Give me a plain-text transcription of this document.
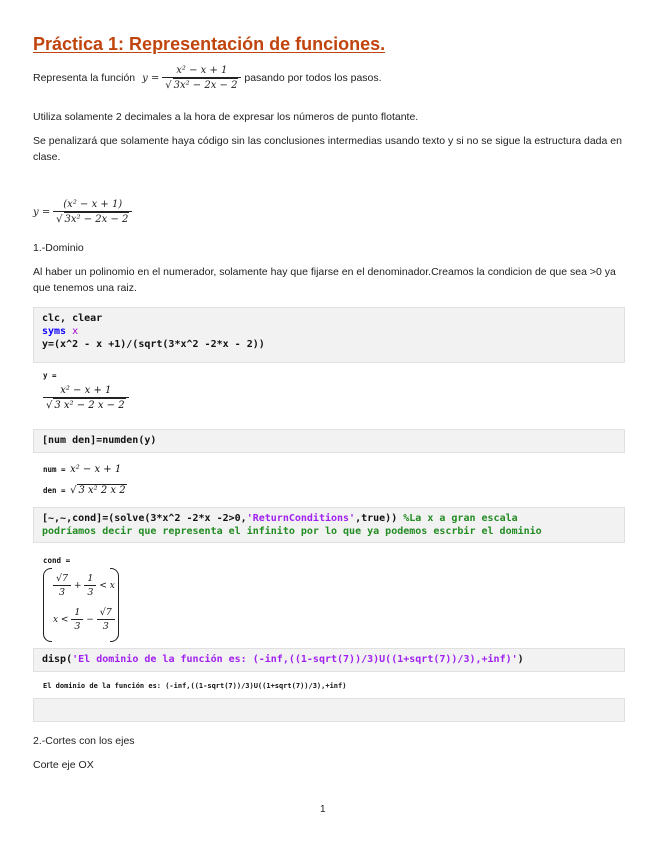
Práctica 1: Representación de funciones.
Representa la función $y = \frac{\text{x² − x + 1}}{\text{√ 3x² − 2x − 2}}$ pasando por todos los pasos.
Utiliza solamente 2 decimales a la hora de expresar los números de punto flotante.
Se penalizará que solamente haya código sin las conclusiones intermedias usando texto y si no se sigue la estructura dada en clase.
$y = \frac{\text{(x² − x + 1)}}{\text{√ 3x² − 2x − 2}}$
1.-Dominio
Al haber un polinomio en el numerador, solamente hay que fijarse en el denominador.Creamos la condicion de que sea >0 ya que tenemos una raiz.
clc, clear
syms x
y=(x^2 - x +1)/(sqrt(3*x^2 -2*x - 2))
y =
$\frac{\text{x² − x + 1}}{\text{√ 3 x² − 2 x − 2}}$
[num den]=numden(y)
num = x² − x + 1
den = √ 3 x² 2 x 2
[~,~,cond]=(solve(3*x^2 -2*x -2>0,'ReturnConditions',true)) %La x a gran escala
podríamos decir que representa el infinito por lo que ya podemos escrbir el dominio
cond =
$\frac{√7}{3} + \frac{1}{3} < x$
$x < \frac{1}{3} - \frac{√7}{3}$
disp('El dominio de la función es: (-inf,((1-sqrt(7))/3)U((1+sqrt(7))/3),+inf)')
El dominio de la función es: (-inf,((1-sqrt(7))/3)U((1+sqrt(7))/3),+inf)
2.-Cortes con los ejes
Corte eje OX
1
